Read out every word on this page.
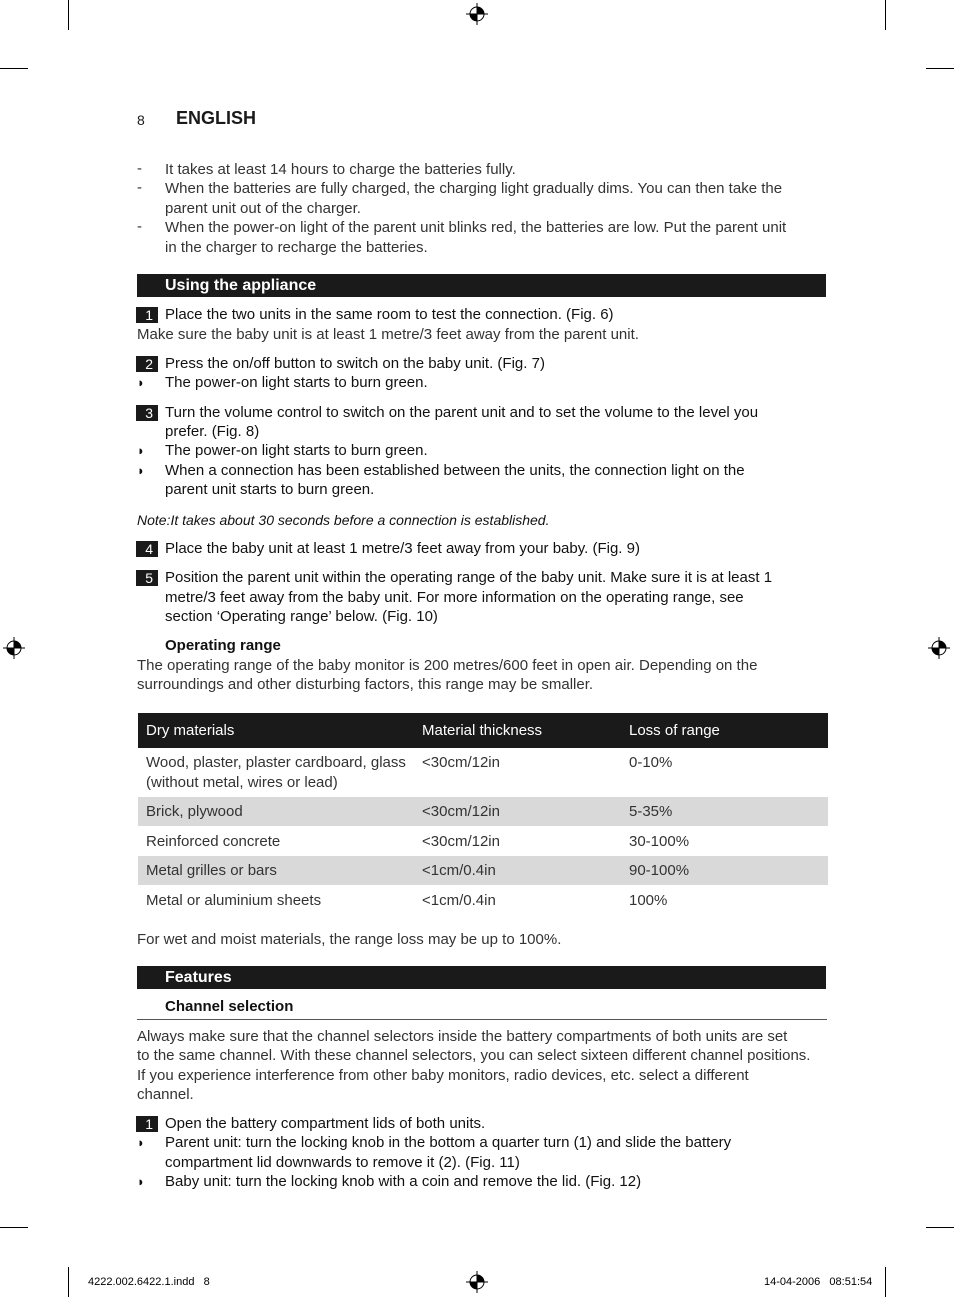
8 ENGLISH
- It takes at least 14 hours to charge the batteries fully.
- When the batteries are fully charged, the charging light gradually dims. You can then take the
parent unit out of the charger.
- When the power-on light of the parent unit blinks red, the batteries are low. Put the parent unit
in the charger to recharge the batteries.
Using the appliance
1 Place the two units in the same room to test the connection. (Fig. 6)
Make sure the baby unit is at least 1 metre/3 feet away from the parent unit.
2 Press the on/off button to switch on the baby unit. (Fig. 7)
◗ The power-on light starts to burn green.
3 Turn the volume control to switch on the parent unit and to set the volume to the level you
prefer. (Fig. 8)
◗ The power-on light starts to burn green.
◗ When a connection has been established between the units, the connection light on the
parent unit starts to burn green.
Note:It takes about 30 seconds before a connection is established.
4 Place the baby unit at least 1 metre/3 feet away from your baby. (Fig. 9)
5 Position the parent unit within the operating range of the baby unit. Make sure it is at least 1
metre/3 feet away from the baby unit. For more information on the operating range, see
section ‘Operating range’ below. (Fig. 10)
Operating range
The operating range of the baby monitor is 200 metres/600 feet in open air. Depending on the
surroundings and other disturbing factors, this range may be smaller.
Dry materials	Material thickness	Loss of range

Wood, plaster, plaster cardboard, glass
(without metal, wires or lead)	<30cm/12in	0-10%
Brick, plywood	<30cm/12in	5-35%
Reinforced concrete	<30cm/12in	30-100%
Metal grilles or bars	<1cm/0.4in	90-100%
Metal or aluminium sheets	<1cm/0.4in	100%
For wet and moist materials, the range loss may be up to 100%.
Features
Channel selection
Always make sure that the channel selectors inside the battery compartments of both units are set
to the same channel. With these channel selectors, you can select sixteen different channel positions.
If you experience interference from other baby monitors, radio devices, etc. select a different
channel.
1 Open the battery compartment lids of both units.
◗ Parent unit: turn the locking knob in the bottom a quarter turn (1) and slide the battery
compartment lid downwards to remove it (2). (Fig. 11)
◗ Baby unit: turn the locking knob with a coin and remove the lid. (Fig. 12)
4222.002.6422.1.indd   8	14-04-2006   08:51:54
